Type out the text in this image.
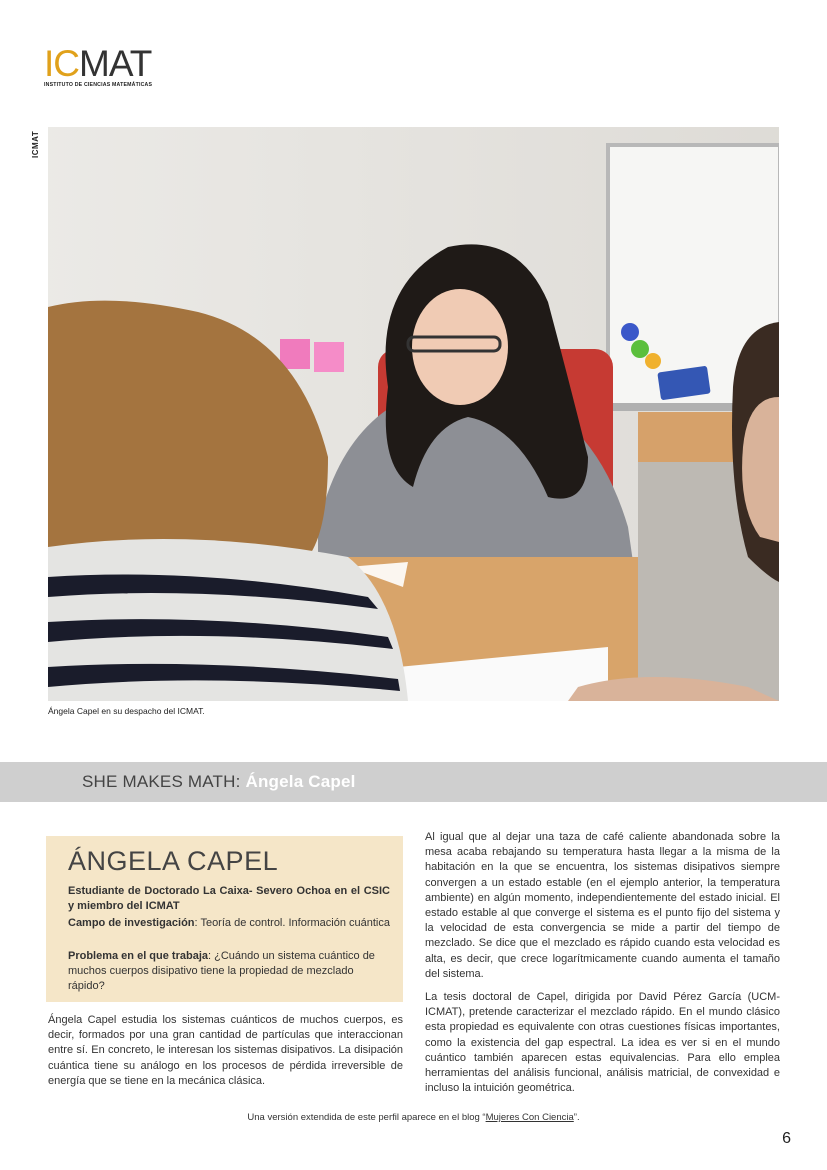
ICMAT
INSTITUTO DE CIENCIAS MATEMÁTICAS
ICMAT
Ángela Capel en su despacho del ICMAT.
SHE MAKES MATH: Ángela Capel
ÁNGELA CAPEL
Estudiante de Doctorado La Caixa- Severo Ochoa en el CSIC y miembro del ICMAT
Campo de investigación: Teoría de control. Información cuántica
Problema en el que trabaja: ¿Cuándo un sistema cuántico de muchos cuerpos disipativo tiene la propiedad de mezclado rápido?

Ángela Capel estudia los sistemas cuánticos de muchos cuerpos, es decir, formados por una gran cantidad de partículas que interaccionan entre sí. En concreto, le interesan los sistemas disipativos. La disipación cuántica tiene su análogo en los procesos de pérdida irreversible de energía que se tiene en la mecánica clásica.

Al igual que al dejar una taza de café caliente abandonada sobre la mesa acaba rebajando su temperatura hasta llegar a la misma de la habitación en la que se encuentra, los sistemas disipativos siempre convergen a un estado estable (en el ejemplo anterior, la temperatura ambiente) en algún momento, independientemente del estado inicial. El estado estable al que converge el sistema es el punto fijo del sistema y la velocidad de esta convergencia se mide a partir del tiempo de mezclado. Se dice que el mezclado es rápido cuando esta velocidad es alta, es decir, que crece logarítmicamente cuando aumenta el tamaño del sistema.

La tesis doctoral de Capel, dirigida por David Pérez García (UCM-ICMAT), pretende caracterizar el mezclado rápido. En el mundo clásico esta propiedad es equivalente con otras cuestiones físicas importantes, como la existencia del gap espectral. La idea es ver si en el mundo cuántico también aparecen estas equivalencias. Para ello emplea herramientas del análisis funcional, análisis matricial, de convexidad e incluso la intuición geométrica.

Una versión extendida de este perfil aparece en el blog “Mujeres Con Ciencia”.
6
